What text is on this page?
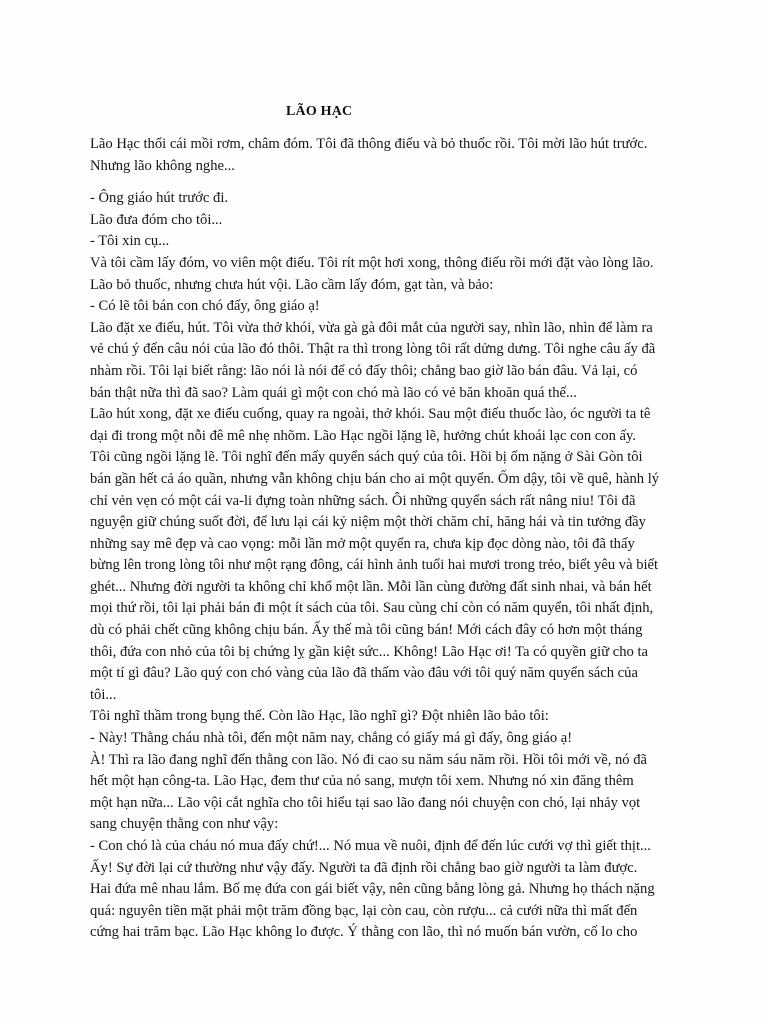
LÃO HẠC

Lão Hạc thổi cái mồi rơm, châm đóm. Tôi đã thông điếu và bỏ thuốc rồi. Tôi mời lão hút trước.
Nhưng lão không nghe...

- Ông giáo hút trước đi.

Lão đưa đóm cho tôi...

- Tôi xin cụ...

Và tôi cầm lấy đóm, vo viên một điếu. Tôi rít một hơi xong, thông điếu rồi mới đặt vào lòng lão.
Lão bỏ thuốc, nhưng chưa hút vội. Lão cầm lấy đóm, gạt tàn, và bảo:

- Có lẽ tôi bán con chó đấy, ông giáo ạ!

Lão đặt xe điếu, hút. Tôi vừa thở khói, vừa gà gà đôi mắt của người say, nhìn lão, nhìn để làm ra
vẻ chú ý đến câu nói của lão đó thôi. Thật ra thì trong lòng tôi rất dửng dưng. Tôi nghe câu ấy đã
nhàm rồi. Tôi lại biết rằng: lão nói là nói để có đấy thôi; chẳng bao giờ lão bán đâu. Vả lại, có
bán thật nữa thì đã sao? Làm quái gì một con chó mà lão có vẻ băn khoăn quá thế...

Lão hút xong, đặt xe điếu cuống, quay ra ngoài, thở khói. Sau một điếu thuốc lào, óc người ta tê
dại đi trong một nỗi đê mê nhẹ nhõm. Lão Hạc ngồi lặng lẽ, hưởng chút khoái lạc con con ấy.
Tôi cũng ngồi lặng lẽ. Tôi nghĩ đến mấy quyển sách quý của tôi. Hồi bị ốm nặng ở Sài Gòn tôi
bán gần hết cả áo quần, nhưng vẫn không chịu bán cho ai một quyển. Ốm dậy, tôi về quê, hành lý
chỉ vẻn vẹn có một cái va-li đựng toàn những sách. Ôi những quyển sách rất nâng niu! Tôi đã
nguyện giữ chúng suốt đời, để lưu lại cái kỷ niệm một thời chăm chỉ, hăng hái và tin tưởng đầy
những say mê đẹp và cao vọng: mỗi lần mở một quyển ra, chưa kịp đọc dòng nào, tôi đã thấy
bừng lên trong lòng tôi như một rạng đông, cái hình ảnh tuổi hai mươi trong trẻo, biết yêu và biết
ghét... Nhưng đời người ta không chỉ khổ một lần. Mỗi lần cùng đường đất sinh nhai, và bán hết
mọi thứ rồi, tôi lại phải bán đi một ít sách của tôi. Sau cùng chỉ còn có năm quyển, tôi nhất định,
dù có phải chết cũng không chịu bán. Ấy thế mà tôi cũng bán! Mới cách đây có hơn một tháng
thôi, đứa con nhỏ của tôi bị chứng lỵ gần kiệt sức... Không! Lão Hạc ơi! Ta có quyền giữ cho ta
một tí gì đâu? Lão quý con chó vàng của lão đã thấm vào đâu với tôi quý năm quyển sách của
tôi...

Tôi nghĩ thầm trong bụng thế. Còn lão Hạc, lão nghĩ gì? Đột nhiên lão bảo tôi:

- Này! Thằng cháu nhà tôi, đến một năm nay, chẳng có giấy má gì đấy, ông giáo ạ!

À! Thì ra lão đang nghĩ đến thằng con lão. Nó đi cao su năm sáu năm rồi. Hồi tôi mới về, nó đã
hết một hạn công-ta. Lão Hạc, đem thư của nó sang, mượn tôi xem. Nhưng nó xin đăng thêm
một hạn nữa... Lão vội cắt nghĩa cho tôi hiểu tại sao lão đang nói chuyện con chó, lại nhảy vọt
sang chuyện thằng con như vậy:

- Con chó là của cháu nó mua đấy chứ!... Nó mua về nuôi, định để đến lúc cưới vợ thì giết thịt...
Ấy! Sự đời lại cứ thường như vậy đấy. Người ta đã định rồi chẳng bao giờ người ta làm được.
Hai đứa mê nhau lắm. Bố mẹ đứa con gái biết vậy, nên cũng bằng lòng gả. Nhưng họ thách nặng
quá: nguyên tiền mặt phải một trăm đồng bạc, lại còn cau, còn rượu... cả cưới nữa thì mất đến
cứng hai trăm bạc. Lão Hạc không lo được. Ý thằng con lão, thì nó muốn bán vườn, cố lo cho
